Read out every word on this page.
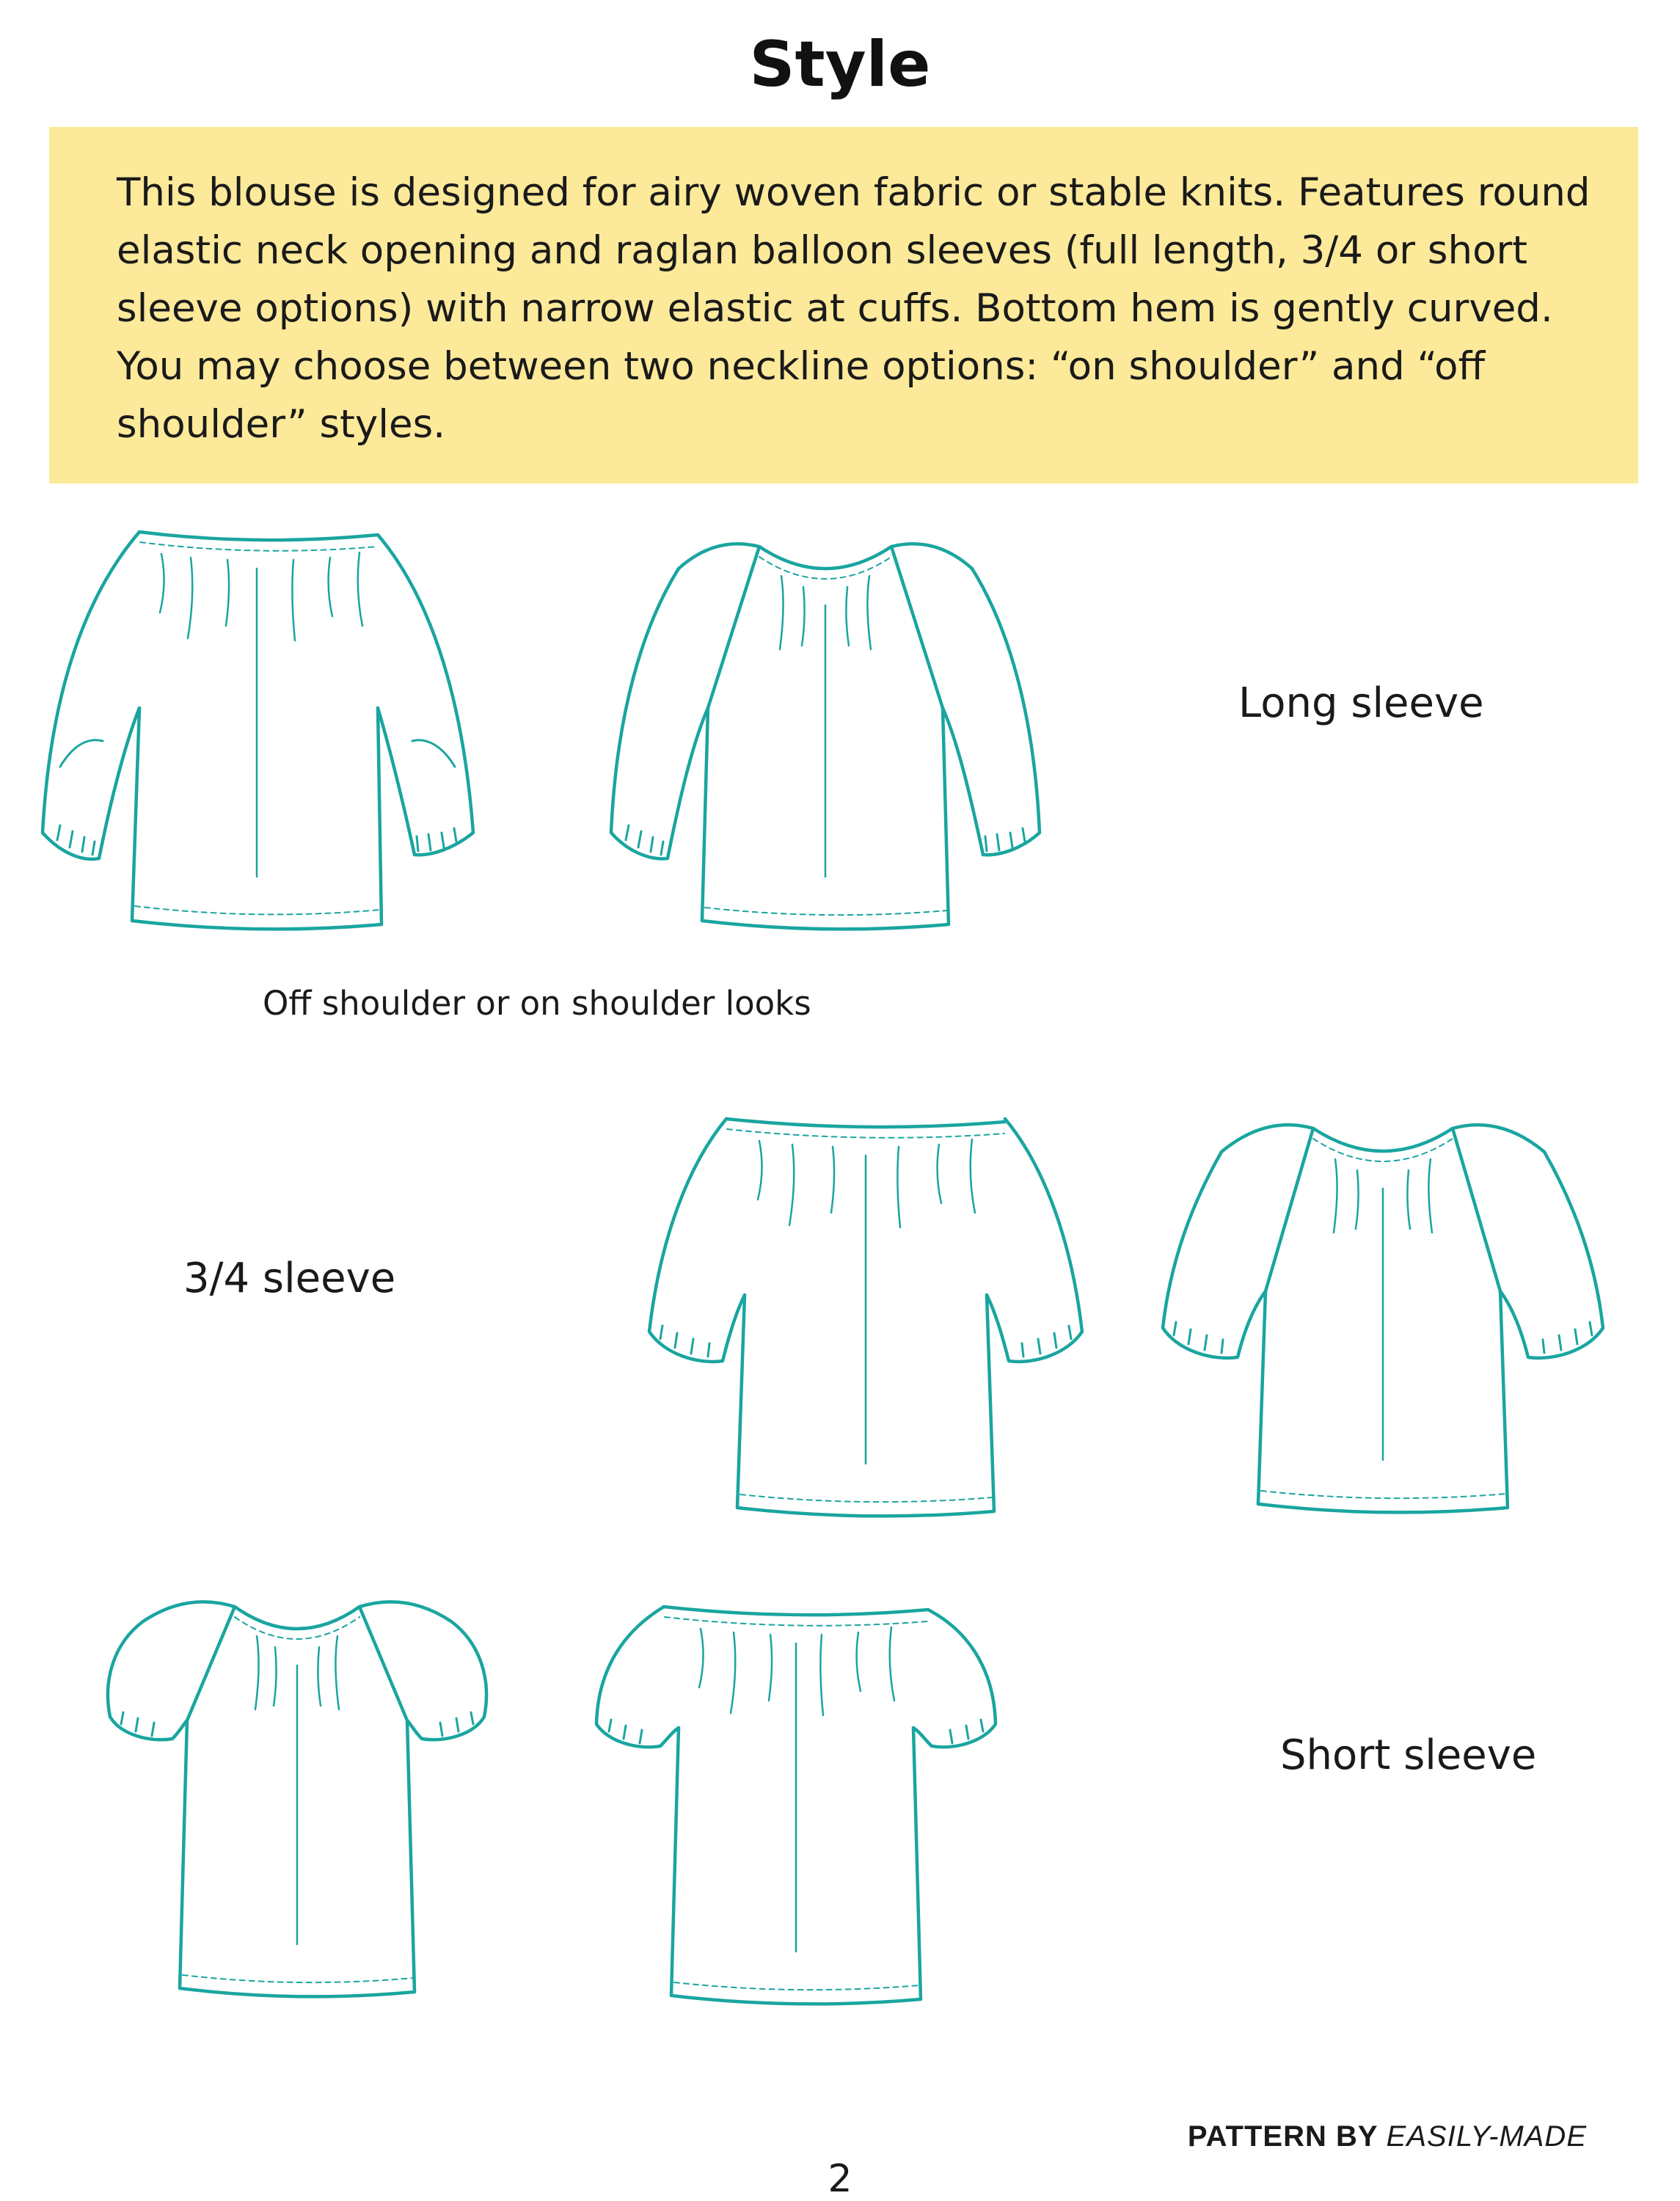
Style

This blouse is designed for airy woven fabric or stable knits. Features round elastic neck opening and raglan balloon sleeves (full length, 3/4 or short sleeve options) with narrow elastic at cuffs. Bottom hem is gently curved. You may choose between two neckline options: “on shoulder” and “off shoulder” styles.

Long sleeve
Off shoulder or on shoulder looks
3/4 sleeve
Short sleeve
PATTERN BY EASILY-MADE
2
